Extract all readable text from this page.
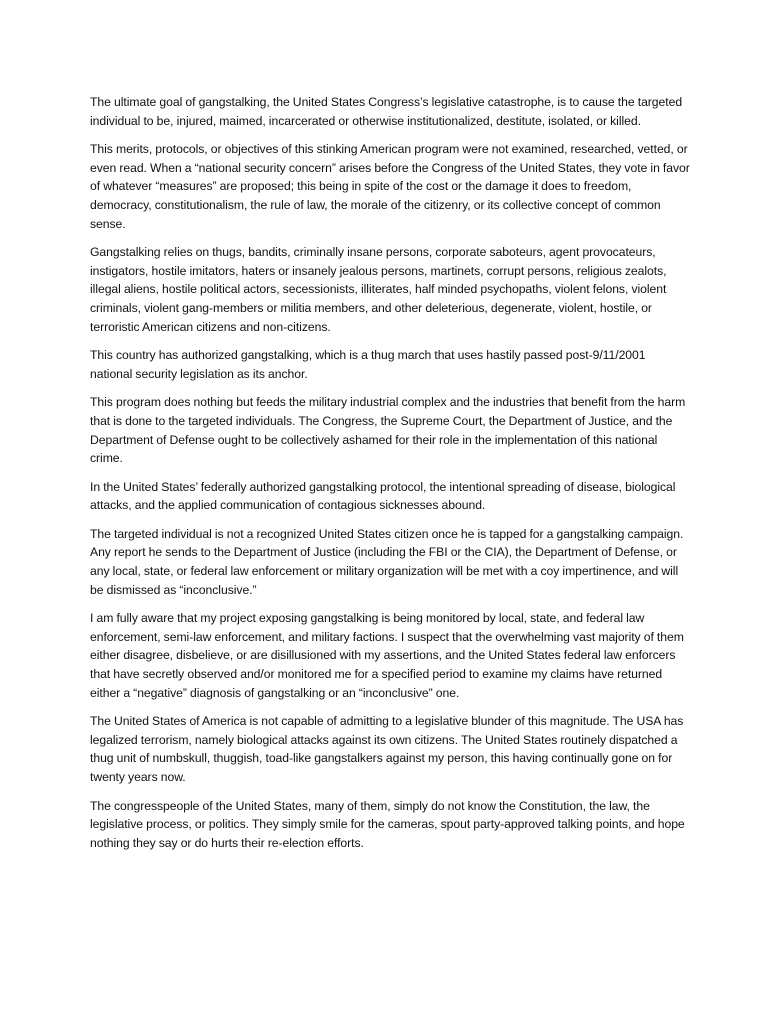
The ultimate goal of gangstalking, the United States Congress’s legislative catastrophe, is to cause the targeted individual to be, injured, maimed, incarcerated or otherwise institutionalized, destitute, isolated, or killed.

This merits, protocols, or objectives of this stinking American program were not examined, researched, vetted, or even read. When a “national security concern” arises before the Congress of the United States, they vote in favor of whatever “measures” are proposed; this being in spite of the cost or the damage it does to freedom, democracy, constitutionalism, the rule of law, the morale of the citizenry, or its collective concept of common sense.

Gangstalking relies on thugs, bandits, criminally insane persons, corporate saboteurs, agent provocateurs, instigators, hostile imitators, haters or insanely jealous persons, martinets, corrupt persons, religious zealots, illegal aliens, hostile political actors, secessionists, illiterates, half minded psychopaths, violent felons, violent criminals, violent gang-members or militia members, and other deleterious, degenerate, violent, hostile, or terroristic American citizens and non-citizens.

This country has authorized gangstalking, which is a thug march that uses hastily passed post-9/11/2001 national security legislation as its anchor.

This program does nothing but feeds the military industrial complex and the industries that benefit from the harm that is done to the targeted individuals. The Congress, the Supreme Court, the Department of Justice, and the Department of Defense ought to be collectively ashamed for their role in the implementation of this national crime.

In the United States’ federally authorized gangstalking protocol, the intentional spreading of disease, biological attacks, and the applied communication of contagious sicknesses abound.

The targeted individual is not a recognized United States citizen once he is tapped for a gangstalking campaign. Any report he sends to the Department of Justice (including the FBI or the CIA), the Department of Defense, or any local, state, or federal law enforcement or military organization will be met with a coy impertinence, and will be dismissed as “inconclusive.”

I am fully aware that my project exposing gangstalking is being monitored by local, state, and federal law enforcement, semi-law enforcement, and military factions. I suspect that the overwhelming vast majority of them either disagree, disbelieve, or are disillusioned with my assertions, and the United States federal law enforcers that have secretly observed and/or monitored me for a specified period to examine my claims have returned either a “negative” diagnosis of gangstalking or an “inconclusive” one.

The United States of America is not capable of admitting to a legislative blunder of this magnitude. The USA has legalized terrorism, namely biological attacks against its own citizens. The United States routinely dispatched a thug unit of numbskull, thuggish, toad-like gangstalkers against my person, this having continually gone on for twenty years now.

The congresspeople of the United States, many of them, simply do not know the Constitution, the law, the legislative process, or politics. They simply smile for the cameras, spout party-approved talking points, and hope nothing they say or do hurts their re-election efforts.
